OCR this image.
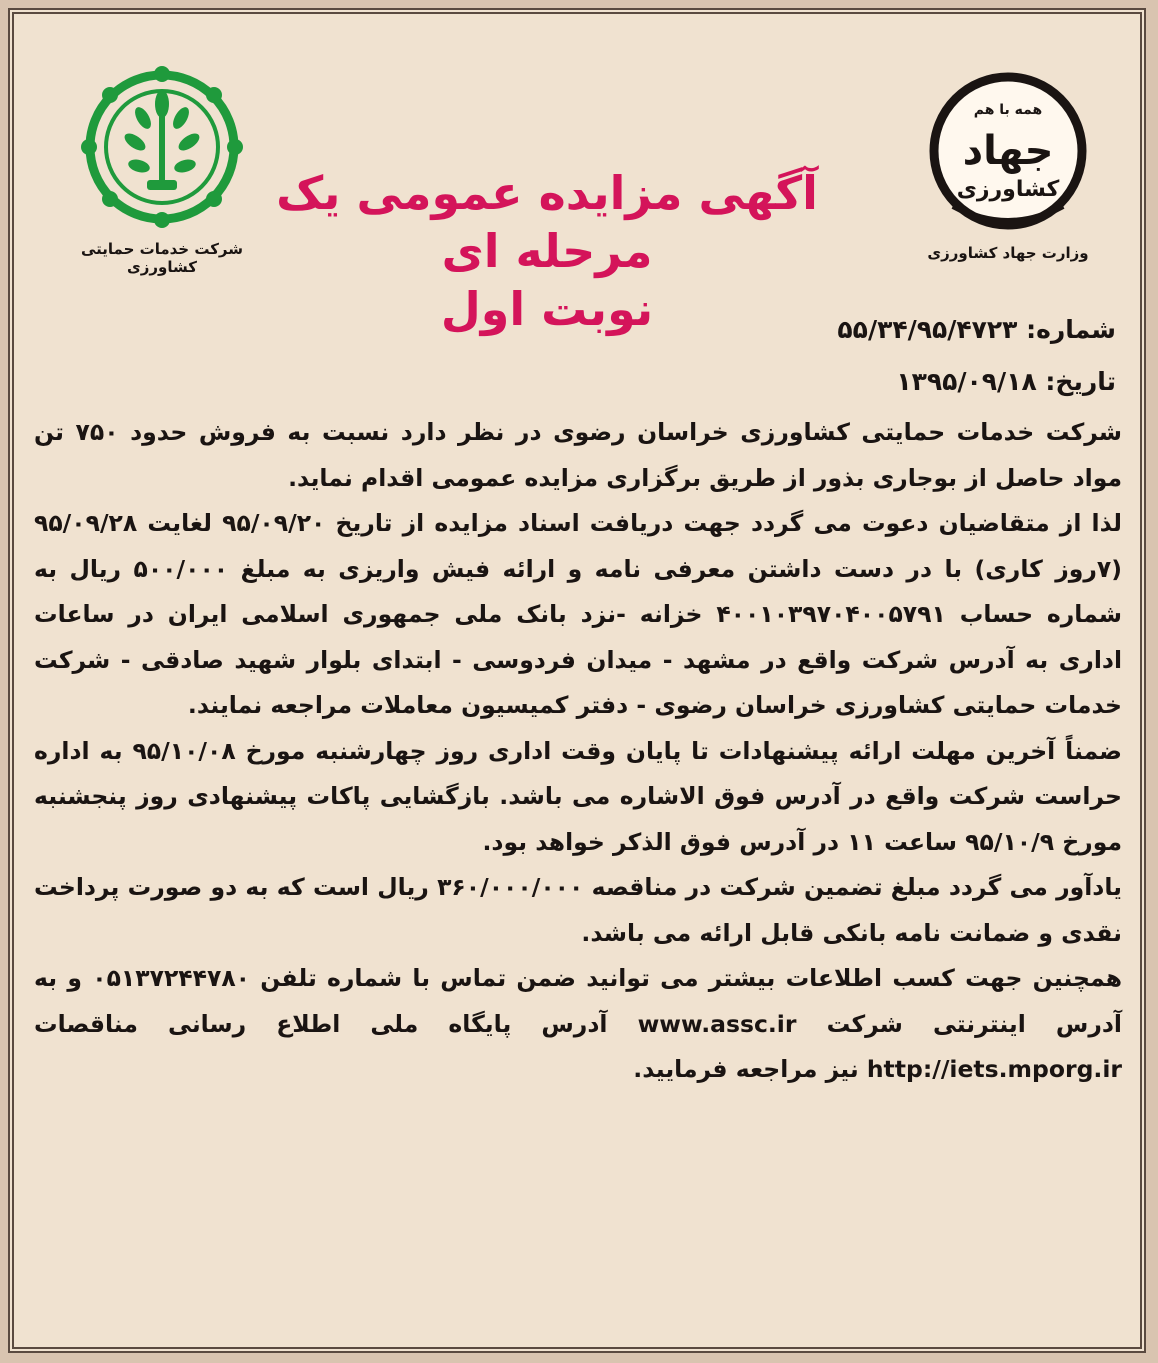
شرکت خدمات حمایتی کشاورزی
آگهی مزایده عمومی یک مرحله ای
نوبت اول
همه با هم
جهاد
کشاورزی
وزارت جهاد کشاورزی
شماره: ۵۵/۳۴/۹۵/۴۷۲۳
تاریخ: ۱۳۹۵/۰۹/۱۸

شرکت خدمات حمایتی کشاورزی خراسان رضوی در نظر دارد نسبت به فروش حدود ۷۵۰ تن مواد حاصل از بوجاری بذور از طریق برگزاری مزایده عمومی اقدام نماید.

لذا از متقاضیان دعوت می گردد جهت دریافت اسناد مزایده از تاریخ ۹۵/۰۹/۲۰ لغایت ۹۵/۰۹/۲۸ (۷روز کاری) با در دست داشتن معرفی نامه و ارائه فیش واریزی به مبلغ ۵۰۰/۰۰۰ ریال به شماره حساب ۴۰۰۱۰۳۹۷۰۴۰۰۵۷۹۱ خزانه -نزد بانک ملی جمهوری اسلامی ایران در ساعات اداری به آدرس شرکت واقع در مشهد - میدان فردوسی - ابتدای بلوار شهید صادقی - شرکت خدمات حمایتی کشاورزی خراسان رضوی - دفتر کمیسیون معاملات مراجعه نمایند.

ضمناً آخرین مهلت ارائه پیشنهادات تا پایان وقت اداری روز چهارشنبه مورخ ۹۵/۱۰/۰۸ به اداره حراست شرکت واقع در آدرس فوق الاشاره می باشد. بازگشایی پاکات پیشنهادی روز پنجشنبه مورخ ۹۵/۱۰/۹ ساعت ۱۱ در آدرس فوق الذکر خواهد بود.

یادآور می گردد مبلغ تضمین شرکت در مناقصه ۳۶۰/۰۰۰/۰۰۰ ریال است که به دو صورت پرداخت نقدی و ضمانت نامه بانکی قابل ارائه می باشد.

همچنین جهت کسب اطلاعات بیشتر می توانید ضمن تماس با شماره تلفن ۰۵۱۳۷۲۴۴۷۸۰ و به آدرس اینترنتی شرکت www.assc.ir آدرس پایگاه ملی اطلاع رسانی مناقصات http://iets.mporg.ir نیز مراجعه فرمایید.
